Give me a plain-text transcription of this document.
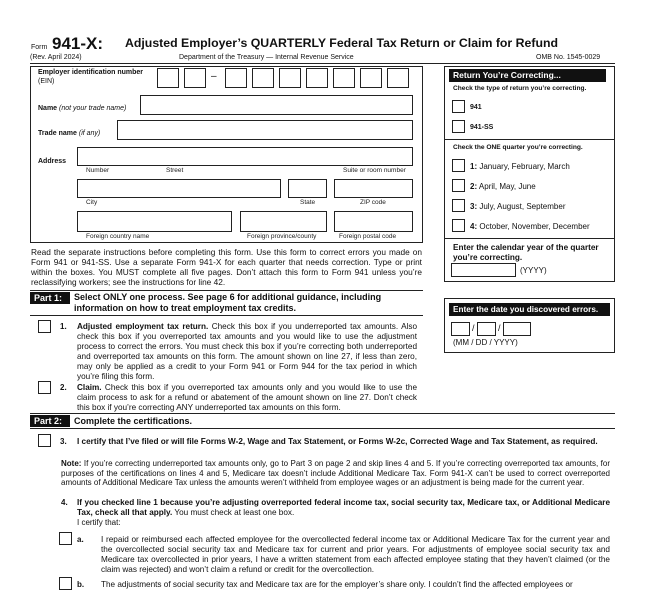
Form 941-X: Adjusted Employer’s QUARTERLY Federal Tax Return or Claim for Refund
(Rev. April 2024)	Department of the Treasury — Internal Revenue Service	OMB No. 1545-0029
Employer identification number
(EIN)	–
Name (not your trade name)
Trade name (if any)
Address
Number	Street	Suite or room number
City	State	ZIP code
Foreign country name	Foreign province/county	Foreign postal code
Read the separate instructions before completing this form. Use this form to correct errors you made on Form 941 or 941-SS. Use a separate Form 941-X for each quarter that needs correction. Type or print within the boxes. You MUST complete all five pages. Don’t attach this form to Form 941 unless you’re reclassifying workers; see the instructions for line 42.
Return You’re Correcting...
Check the type of return you’re correcting.
941
941-SS
Check the ONE quarter you’re correcting.
1: January, February, March
2: April, May, June
3: July, August, September
4: October, November, December
Enter the calendar year of the quarter you’re correcting.
(YYYY)
Enter the date you discovered errors.
/	/
(MM / DD / YYYY)
Part 1:	Select ONLY one process. See page 6 for additional guidance, including information on how to treat employment tax credits.
1. Adjusted employment tax return. Check this box if you underreported tax amounts. Also check this box if you overreported tax amounts and you would like to use the adjustment process to correct the errors. You must check this box if you’re correcting both underreported and overreported tax amounts on this form. The amount shown on line 27, if less than zero, may only be applied as a credit to your Form 941 or Form 944 for the tax period in which you’re filing this form.
2. Claim. Check this box if you overreported tax amounts only and you would like to use the claim process to ask for a refund or abatement of the amount shown on line 27. Don’t check this box if you’re correcting ANY underreported tax amounts on this form.
Part 2:	Complete the certifications.
3. I certify that I’ve filed or will file Forms W-2, Wage and Tax Statement, or Forms W-2c, Corrected Wage and Tax Statement, as required.
Note: If you’re correcting underreported tax amounts only, go to Part 3 on page 2 and skip lines 4 and 5. If you’re correcting overreported tax amounts, for purposes of the certifications on lines 4 and 5, Medicare tax doesn’t include Additional Medicare Tax. Form 941-X can’t be used to correct overreported amounts of Additional Medicare Tax unless the amounts weren’t withheld from employee wages or an adjustment is being made for the current year.
4. If you checked line 1 because you’re adjusting overreported federal income tax, social security tax, Medicare tax, or Additional Medicare Tax, check all that apply. You must check at least one box.
I certify that:
a. I repaid or reimbursed each affected employee for the overcollected federal income tax or Additional Medicare Tax for the current year and the overcollected social security tax and Medicare tax for current and prior years. For adjustments of employee social security tax and Medicare tax overcollected in prior years, I have a written statement from each affected employee stating that they haven’t claimed (or the claim was rejected) and won’t claim a refund or credit for the overcollection.
b. The adjustments of social security tax and Medicare tax are for the employer’s share only. I couldn’t find the affected employees or
